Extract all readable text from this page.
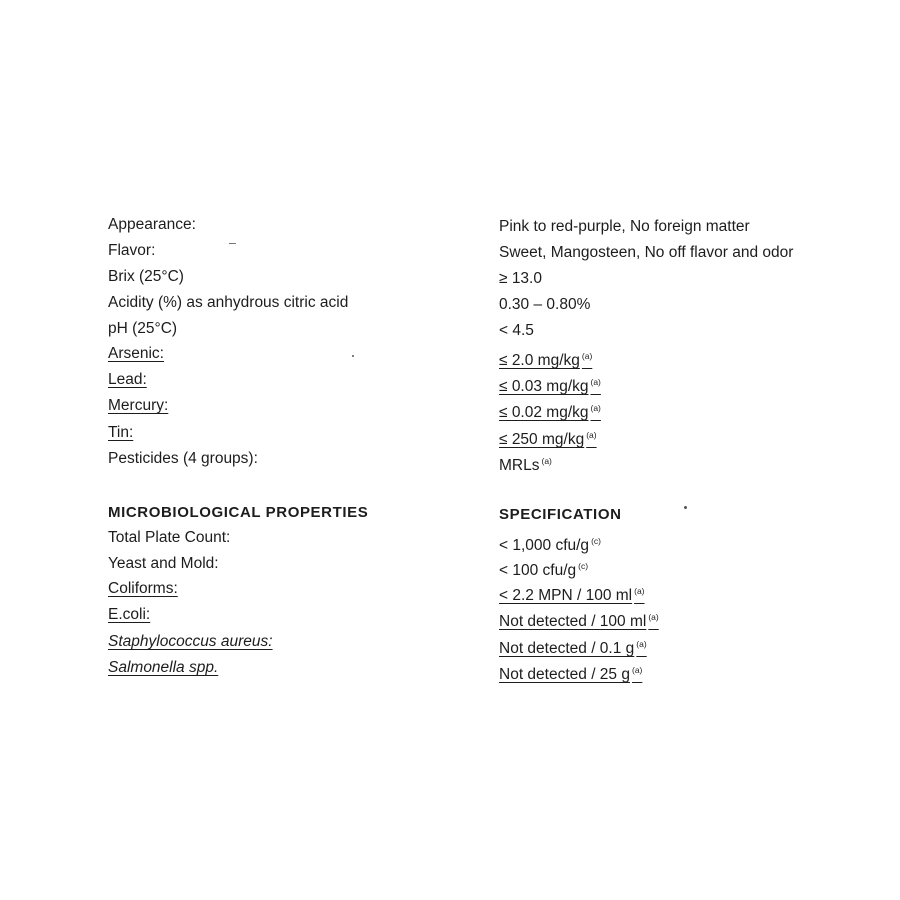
Appearance:	Pink to red-purple, No foreign matter
Flavor:	Sweet, Mangosteen, No off flavor and odor
Brix (25°C)	≥ 13.0
Acidity (%) as anhydrous citric acid	0.30 – 0.80%
pH (25°C)	< 4.5
Arsenic:	≤ 2.0 mg/kg $^{(a)}$
Lead:	≤ 0.03 mg/kg $^{(a)}$
Mercury:	≤ 0.02 mg/kg $^{(a)}$
Tin:	≤ 250 mg/kg $^{(a)}$
Pesticides (4 groups):	MRLs $^{(a)}$
MICROBIOLOGICAL PROPERTIES	SPECIFICATION
Total Plate Count:	< 1,000 cfu/g $^{(c)}$
Yeast and Mold:	< 100 cfu/g $^{(c)}$
Coliforms:	< 2.2 MPN / 100 ml $^{(a)}$
E.coli:	Not detected / 100 ml $^{(a)}$
Staphylococcus aureus:	Not detected / 0.1 g $^{(a)}$
Salmonella spp.	Not detected / 25 g $^{(a)}$
